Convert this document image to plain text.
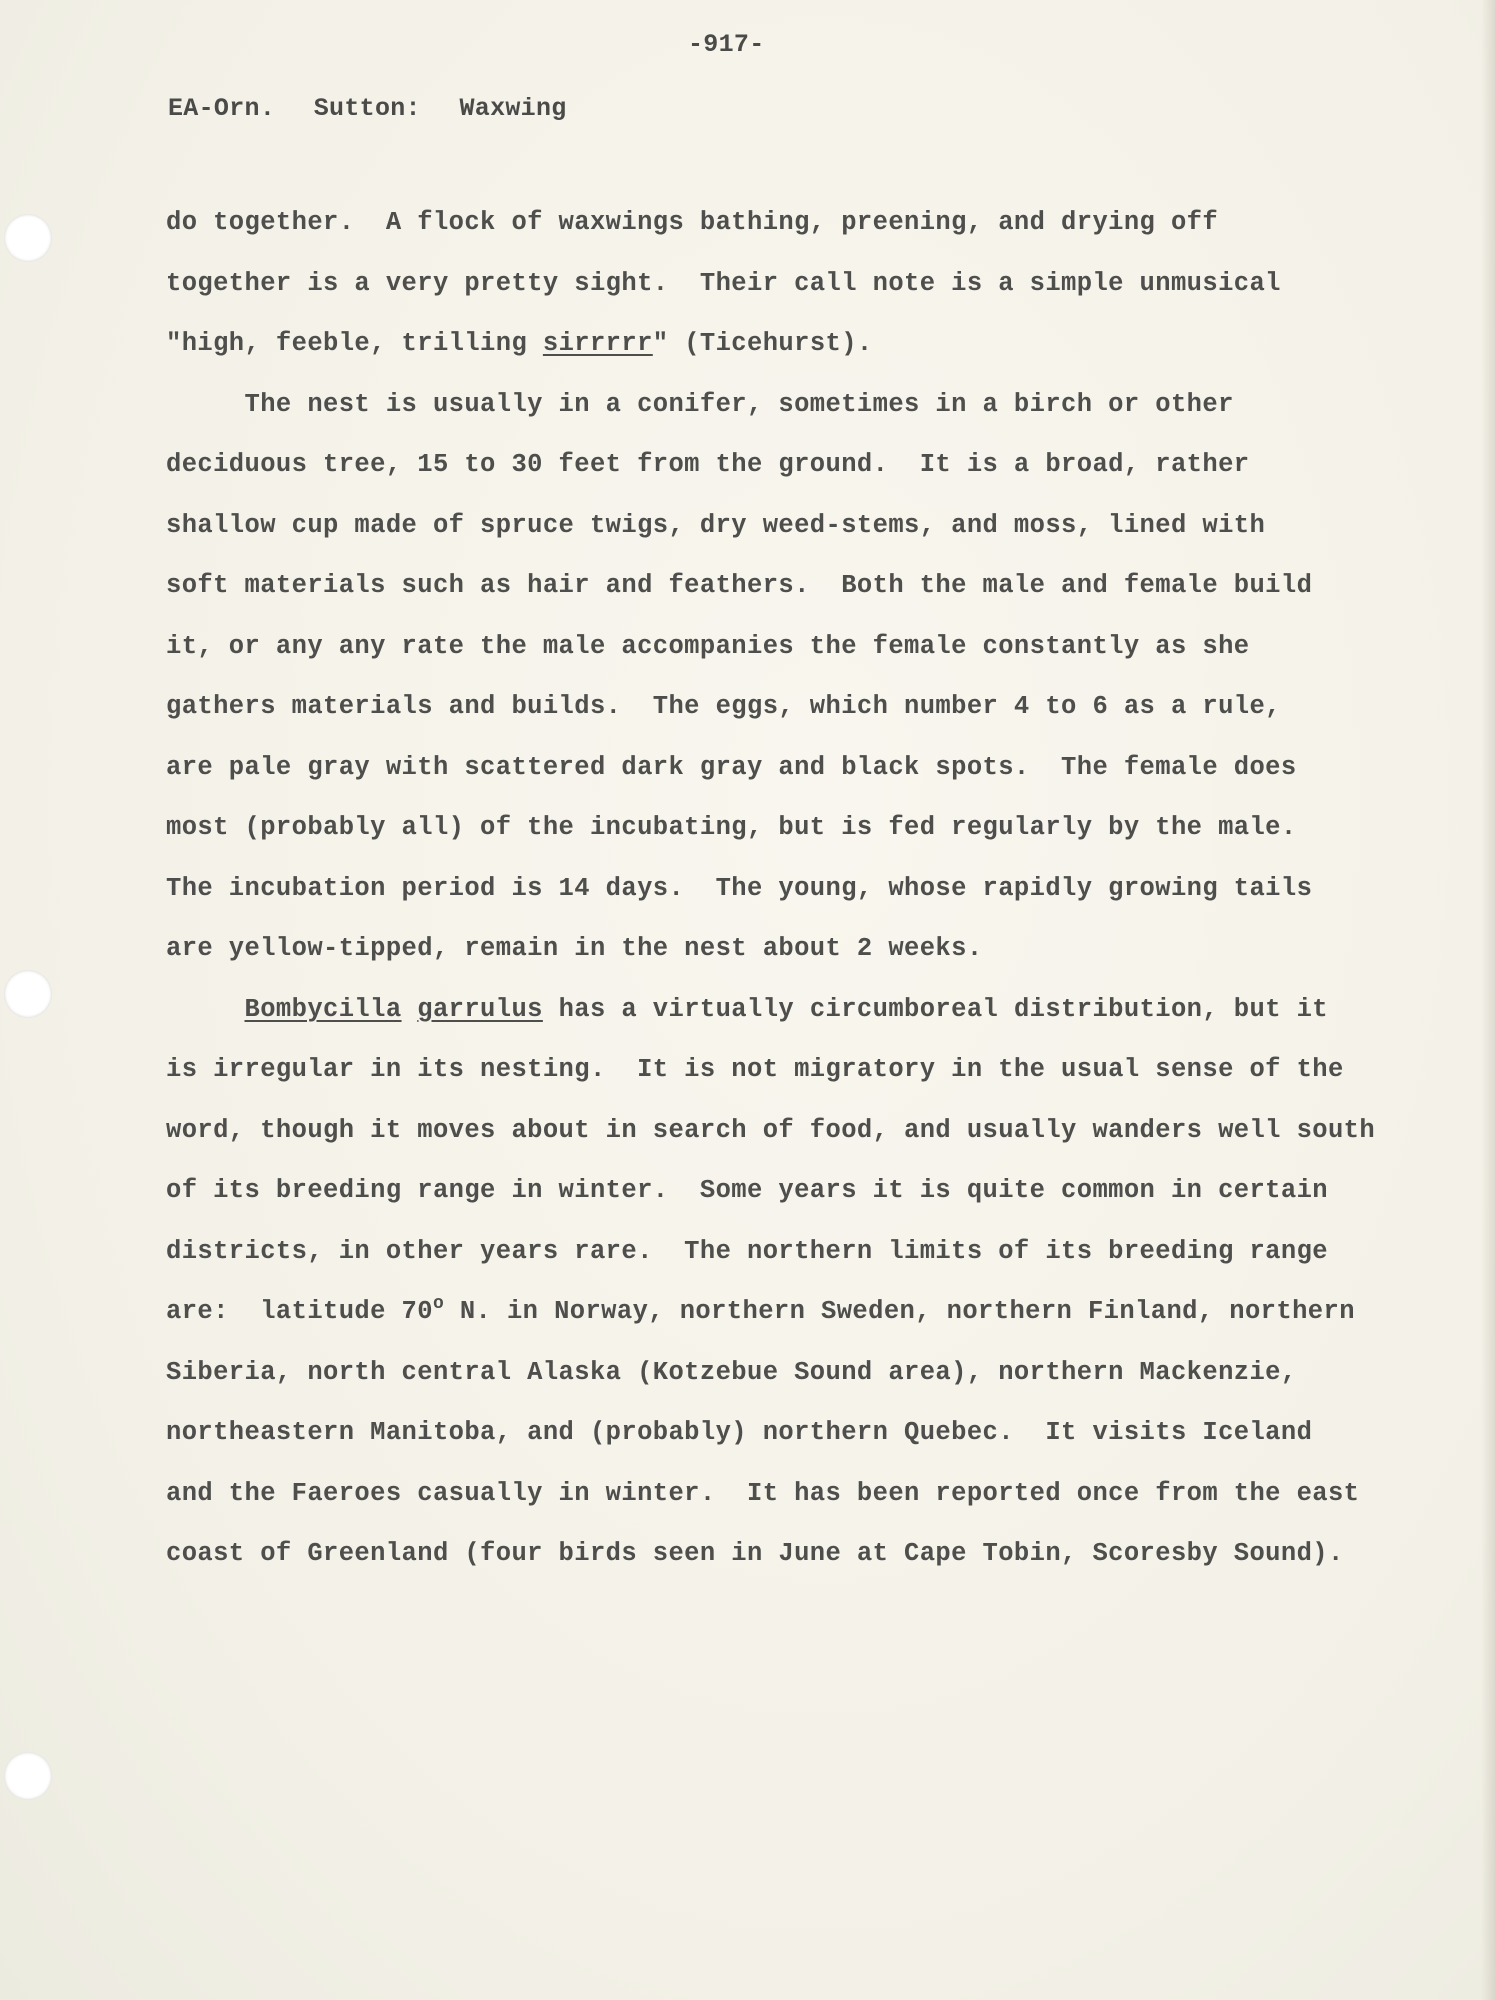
-917-
EA-Orn. Sutton: Waxwing
do together.  A flock of waxwings bathing, preening, and drying off
together is a very pretty sight.  Their call note is a simple unmusical
"high, feeble, trilling sirrrrr" (Ticehurst).
The nest is usually in a conifer, sometimes in a birch or other
deciduous tree, 15 to 30 feet from the ground.  It is a broad, rather
shallow cup made of spruce twigs, dry weed-stems, and moss, lined with
soft materials such as hair and feathers.  Both the male and female build
it, or any any rate the male accompanies the female constantly as she
gathers materials and builds.  The eggs, which number 4 to 6 as a rule,
are pale gray with scattered dark gray and black spots.  The female does
most (probably all) of the incubating, but is fed regularly by the male.
The incubation period is 14 days.  The young, whose rapidly growing tails
are yellow-tipped, remain in the nest about 2 weeks.
Bombycilla garrulus has a virtually circumboreal distribution, but it
is irregular in its nesting.  It is not migratory in the usual sense of the
word, though it moves about in search of food, and usually wanders well south
of its breeding range in winter.  Some years it is quite common in certain
districts, in other years rare.  The northern limits of its breeding range
are:  latitude 70$^o$ N. in Norway, northern Sweden, northern Finland, northern
Siberia, north central Alaska (Kotzebue Sound area), northern Mackenzie,
northeastern Manitoba, and (probably) northern Quebec.  It visits Iceland
and the Faeroes casually in winter.  It has been reported once from the east
coast of Greenland (four birds seen in June at Cape Tobin, Scoresby Sound).
